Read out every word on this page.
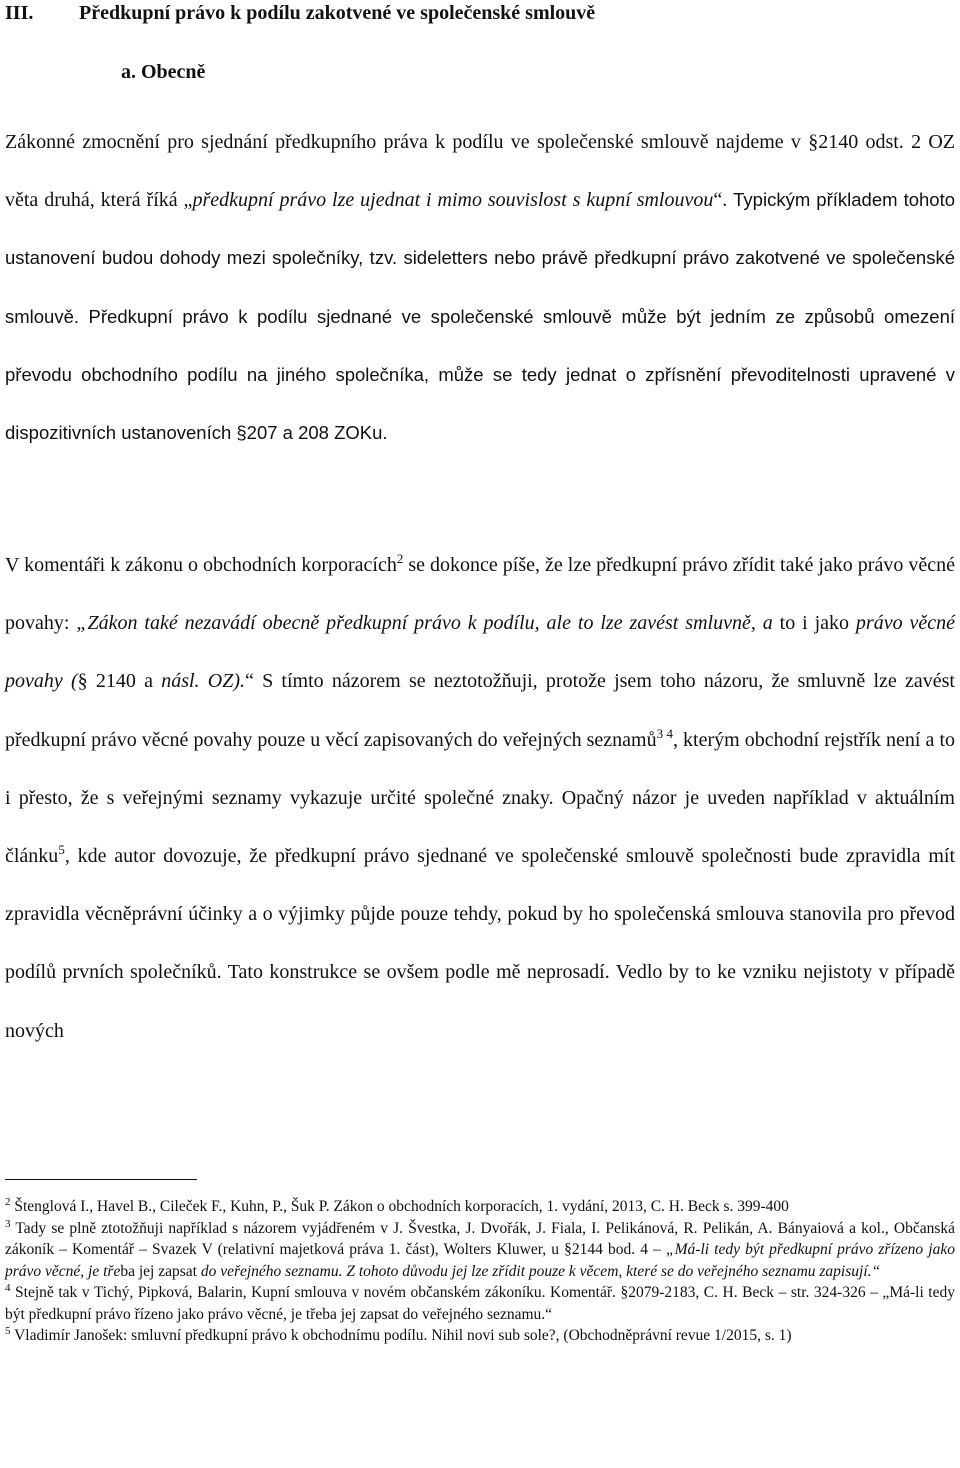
III. Předkupní právo k podílu zakotvené ve společenské smlouvě
a. Obecně

Zákonné zmocnění pro sjednání předkupního práva k podílu ve společenské smlouvě najdeme v §2140 odst. 2 OZ věta druhá, která říká „předkupní právo lze ujednat i mimo souvislost s kupní smlouvou“. Typickým příkladem tohoto ustanovení budou dohody mezi společníky, tzv. sideletters nebo právě předkupní právo zakotvené ve společenské smlouvě. Předkupní právo k podílu sjednané ve společenské smlouvě může být jedním ze způsobů omezení převodu obchodního podílu na jiného společníka, může se tedy jednat o zpřísnění převoditelnosti upravené v dispozitivních ustanoveních §207 a 208 ZOKu.

V komentáři k zákonu o obchodních korporacích$^2$ se dokonce píše, že lze předkupní právo zřídit také jako právo věcné povahy: „Zákon také nezavádí obecně předkupní právo k podílu, ale to lze zavést smluvně, a to i jako právo věcné povahy (§ 2140 a násl. OZ).“ S tímto názorem se neztotožňuji, protože jsem toho názoru, že smluvně lze zavést předkupní právo věcné povahy pouze u věcí zapisovaných do veřejných seznamů$^{3 4}$, kterým obchodní rejstřík není a to i přesto, že s veřejnými seznamy vykazuje určité společné znaky. Opačný názor je uveden například v aktuálním článku$^5$, kde autor dovozuje, že předkupní právo sjednané ve společenské smlouvě společnosti bude zpravidla mít zpravidla věcněprávní účinky a o výjimky půjde pouze tehdy, pokud by ho společenská smlouva stanovila pro převod podílů prvních společníků. Tato konstrukce se ovšem podle mě neprosadí. Vedlo by to ke vzniku nejistoty v případě nových

$^2$ Štenglová I., Havel B., Cileček F., Kuhn, P., Šuk P. Zákon o obchodních korporacích, 1. vydání, 2013, C. H. Beck s. 399-400

$^3$ Tady se plně ztotožňuji například s názorem vyjádřeném v J. Švestka, J. Dvořák, J. Fiala, I. Pelikánová, R. Pelikán, A. Bányaiová a kol., Občanská zákoník – Komentář – Svazek V (relativní majetková práva 1. část), Wolters Kluwer, u §2144 bod. 4 – „Má-li tedy být předkupní právo zřízeno jako právo věcné, je třeba jej zapsat do veřejného seznamu. Z tohoto důvodu jej lze zřídit pouze k věcem, které se do veřejného seznamu zapisují.“

$^4$ Stejně tak v Tichý, Pipková, Balarin, Kupní smlouva v novém občanském zákoníku. Komentář. §2079-2183, C. H. Beck – str. 324-326 – „Má-li tedy být předkupní právo řízeno jako právo věcné, je třeba jej zapsat do veřejného seznamu.“

$^5$ Vladimír Janošek: smluvní předkupní právo k obchodnímu podílu. Nihil novi sub sole?, (Obchodněprávní revue 1/2015, s. 1)
